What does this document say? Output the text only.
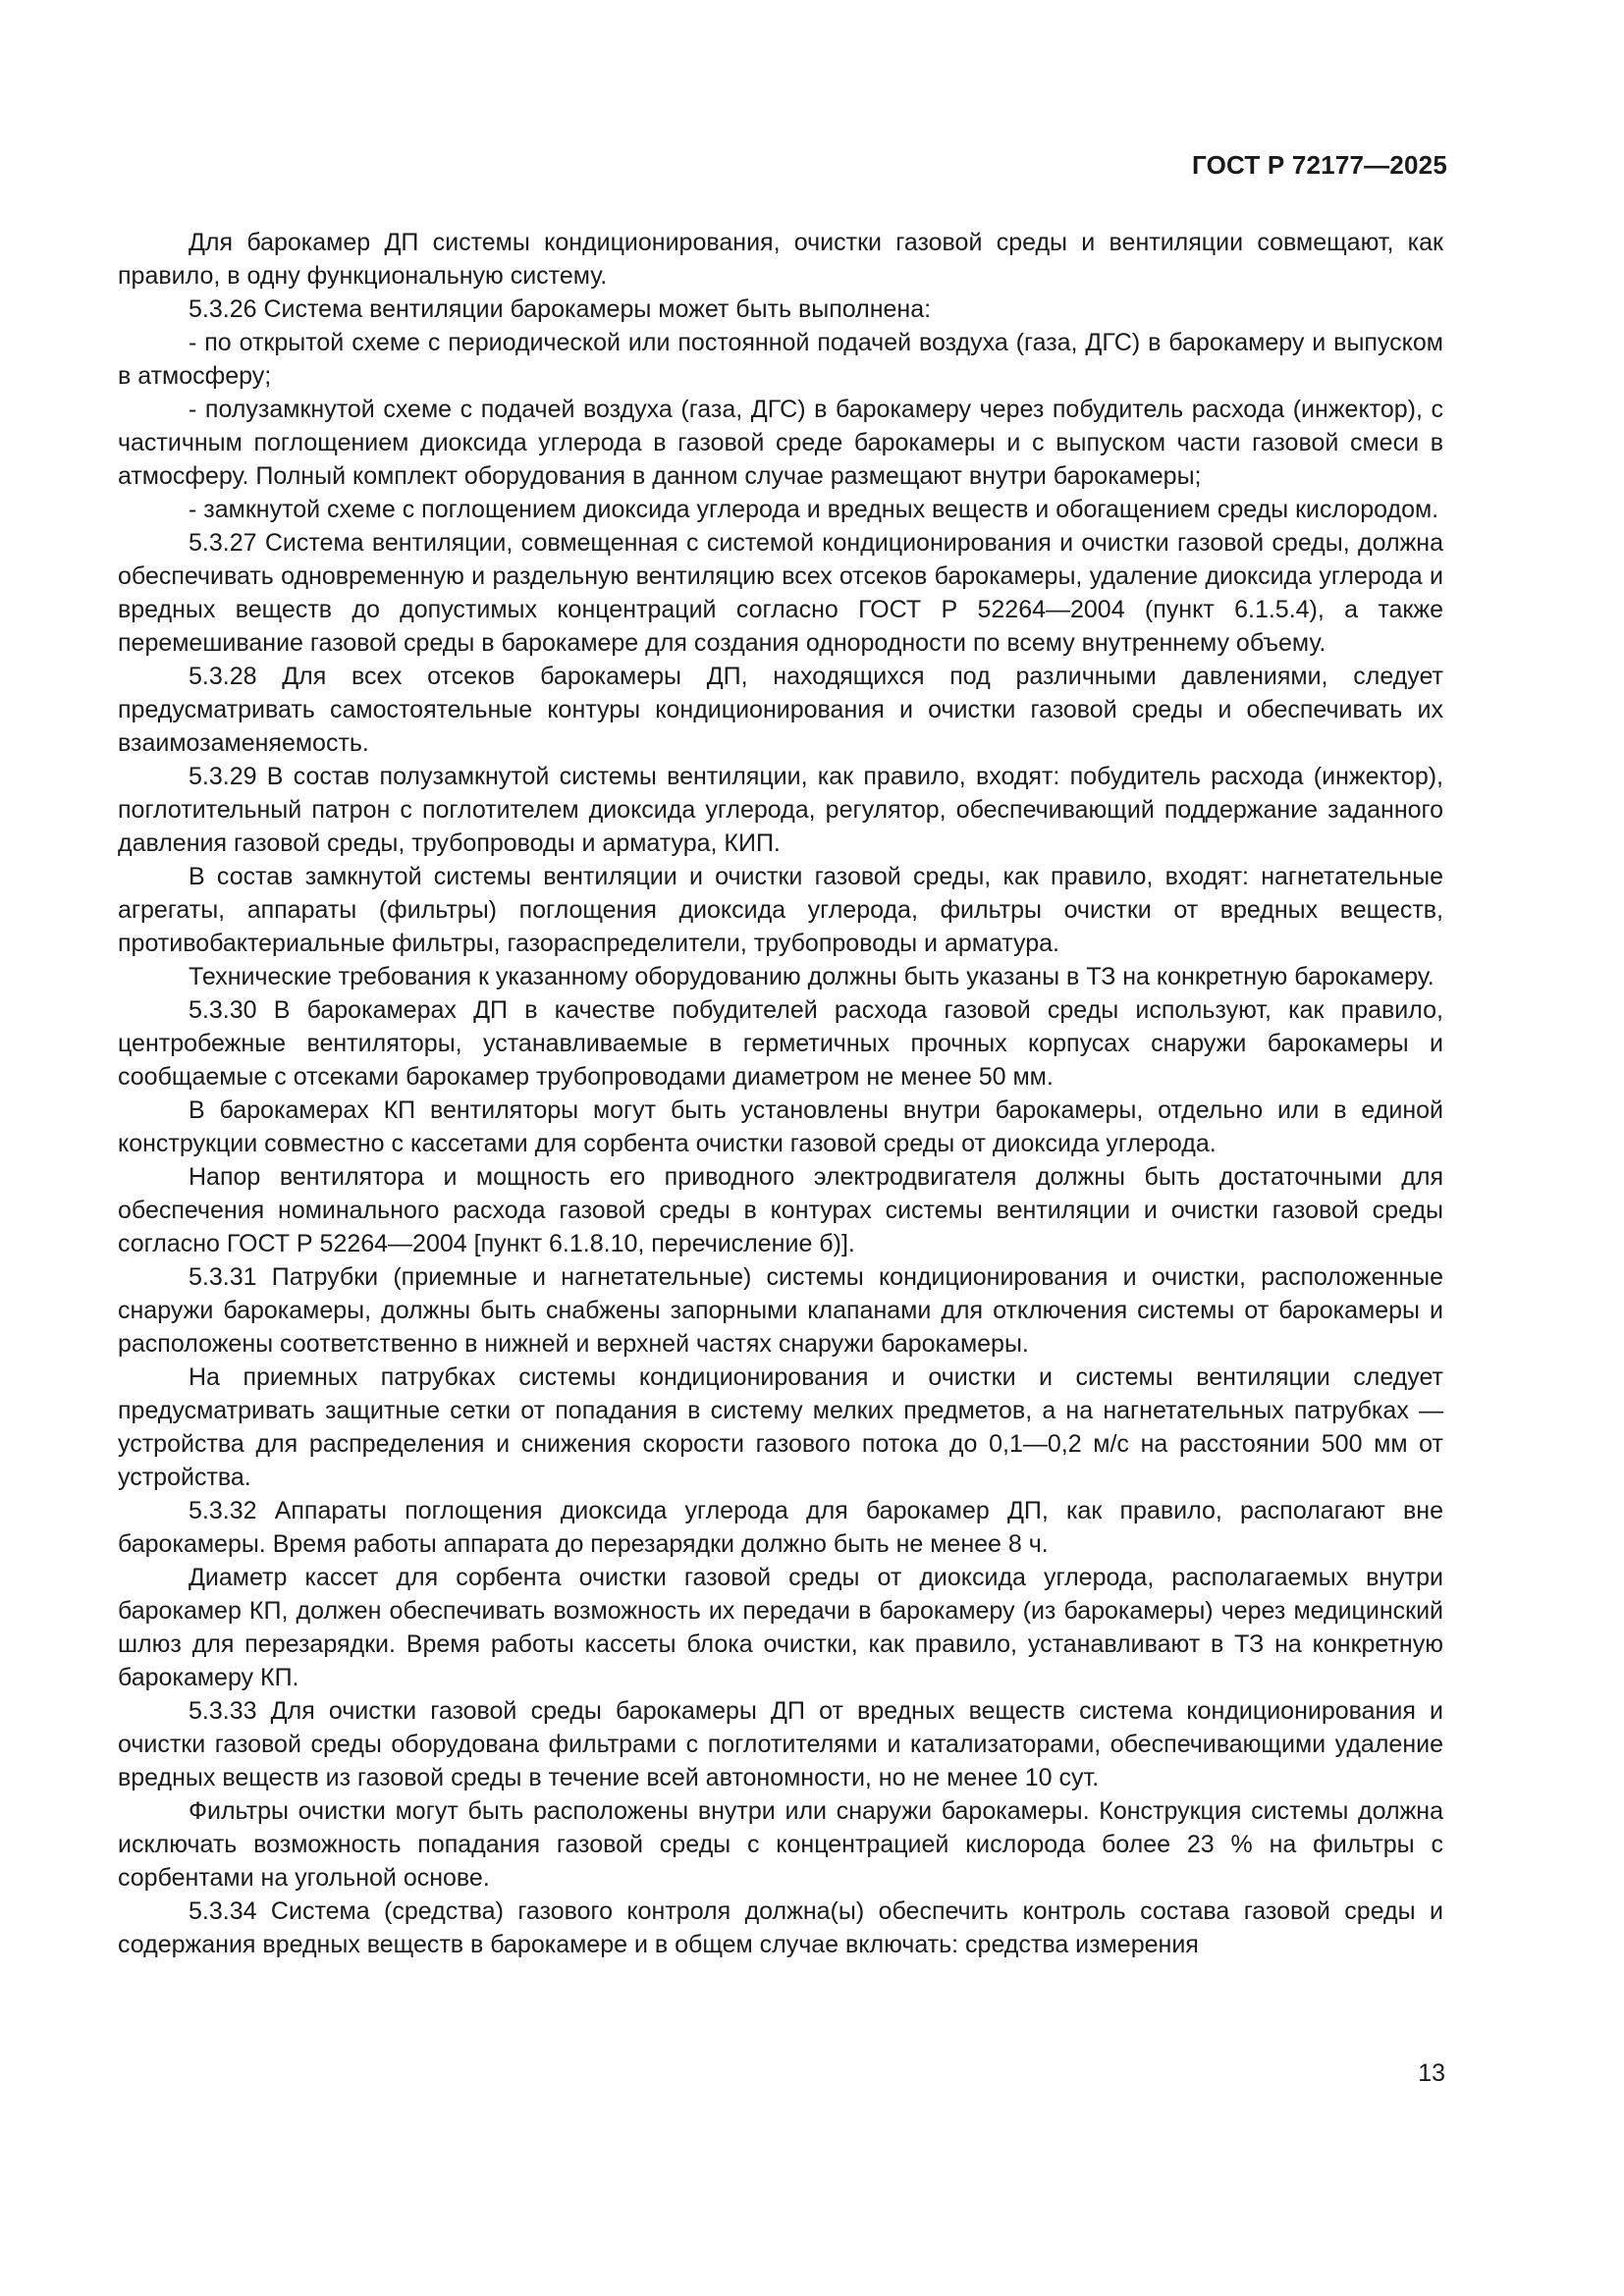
ГОСТ Р 72177—2025

Для барокамер ДП системы кондиционирования, очистки газовой среды и вентиляции совмещают, как правило, в одну функциональную систему.

5.3.26 Система вентиляции барокамеры может быть выполнена:

- по открытой схеме с периодической или постоянной подачей воздуха (газа, ДГС) в барокамеру и выпуском в атмосферу;

- полузамкнутой схеме с подачей воздуха (газа, ДГС) в барокамеру через побудитель расхода (инжектор), с частичным поглощением диоксида углерода в газовой среде барокамеры и с выпуском части газовой смеси в атмосферу. Полный комплект оборудования в данном случае размещают внутри барокамеры;

- замкнутой схеме с поглощением диоксида углерода и вредных веществ и обогащением среды кислородом.

5.3.27 Система вентиляции, совмещенная с системой кондиционирования и очистки газовой среды, должна обеспечивать одновременную и раздельную вентиляцию всех отсеков барокамеры, удаление диоксида углерода и вредных веществ до допустимых концентраций согласно ГОСТ Р 52264—2004 (пункт 6.1.5.4), а также перемешивание газовой среды в барокамере для создания однородности по всему внутреннему объему.

5.3.28 Для всех отсеков барокамеры ДП, находящихся под различными давлениями, следует предусматривать самостоятельные контуры кондиционирования и очистки газовой среды и обеспечивать их взаимозаменяемость.

5.3.29 В состав полузамкнутой системы вентиляции, как правило, входят: побудитель расхода (инжектор), поглотительный патрон с поглотителем диоксида углерода, регулятор, обеспечивающий поддержание заданного давления газовой среды, трубопроводы и арматура, КИП.

В состав замкнутой системы вентиляции и очистки газовой среды, как правило, входят: нагнетательные агрегаты, аппараты (фильтры) поглощения диоксида углерода, фильтры очистки от вредных веществ, противобактериальные фильтры, газораспределители, трубопроводы и арматура.

Технические требования к указанному оборудованию должны быть указаны в ТЗ на конкретную барокамеру.

5.3.30 В барокамерах ДП в качестве побудителей расхода газовой среды используют, как правило, центробежные вентиляторы, устанавливаемые в герметичных прочных корпусах снаружи барокамеры и сообщаемые с отсеками барокамер трубопроводами диаметром не менее 50 мм.

В барокамерах КП вентиляторы могут быть установлены внутри барокамеры, отдельно или в единой конструкции совместно с кассетами для сорбента очистки газовой среды от диоксида углерода.

Напор вентилятора и мощность его приводного электродвигателя должны быть достаточными для обеспечения номинального расхода газовой среды в контурах системы вентиляции и очистки газовой среды согласно ГОСТ Р 52264—2004 [пункт 6.1.8.10, перечисление б)].

5.3.31 Патрубки (приемные и нагнетательные) системы кондиционирования и очистки, расположенные снаружи барокамеры, должны быть снабжены запорными клапанами для отключения системы от барокамеры и расположены соответственно в нижней и верхней частях снаружи барокамеры.

На приемных патрубках системы кондиционирования и очистки и системы вентиляции следует предусматривать защитные сетки от попадания в систему мелких предметов, а на нагнетательных патрубках — устройства для распределения и снижения скорости газового потока до 0,1—0,2 м/с на расстоянии 500 мм от устройства.

5.3.32 Аппараты поглощения диоксида углерода для барокамер ДП, как правило, располагают вне барокамеры. Время работы аппарата до перезарядки должно быть не менее 8 ч.

Диаметр кассет для сорбента очистки газовой среды от диоксида углерода, располагаемых внутри барокамер КП, должен обеспечивать возможность их передачи в барокамеру (из барокамеры) через медицинский шлюз для перезарядки. Время работы кассеты блока очистки, как правило, устанавливают в ТЗ на конкретную барокамеру КП.

5.3.33 Для очистки газовой среды барокамеры ДП от вредных веществ система кондиционирования и очистки газовой среды оборудована фильтрами с поглотителями и катализаторами, обеспечивающими удаление вредных веществ из газовой среды в течение всей автономности, но не менее 10 сут.

Фильтры очистки могут быть расположены внутри или снаружи барокамеры. Конструкция системы должна исключать возможность попадания газовой среды с концентрацией кислорода более 23 % на фильтры с сорбентами на угольной основе.

5.3.34 Система (средства) газового контроля должна(ы) обеспечить контроль состава газовой среды и содержания вредных веществ в барокамере и в общем случае включать: средства измерения

13
